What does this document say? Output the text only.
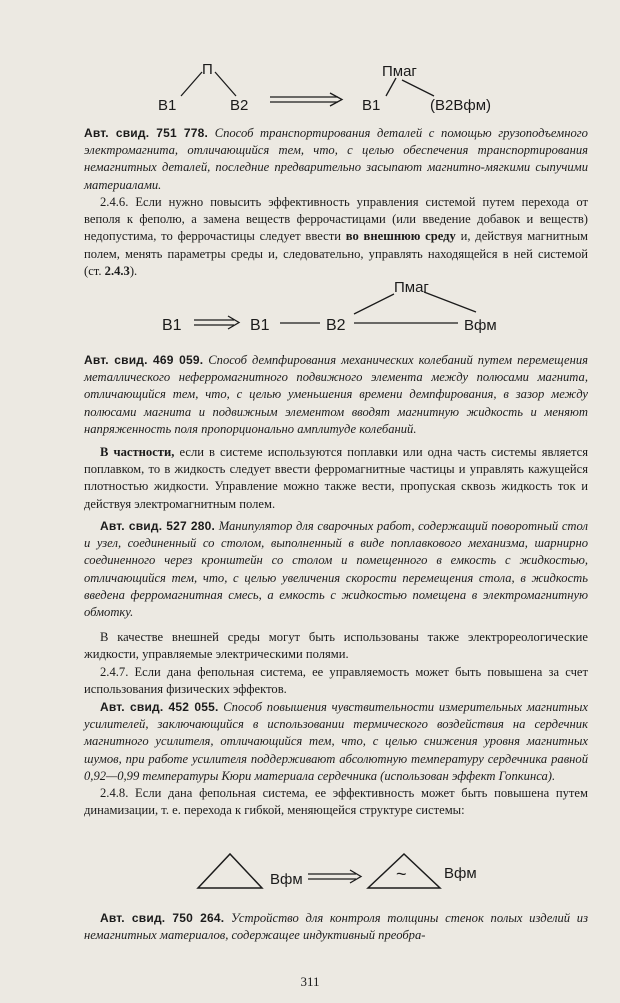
П
В1	В2
Пмаг
В1	(В2Вфм)

Авт. свид. 751 778. Способ транспортирования деталей с помощью грузоподъемного электромагнита, отличающийся тем, что, с целью обеспечения транспортирования немагнитных деталей, последние предварительно засыпают магнитно-мягкими сыпучими материалами.

2.4.6. Если нужно повысить эффективность управления системой путем перехода от веполя к феполю, а замена веществ феррочастицами (или введение добавок и веществ) недопустима, то феррочастицы следует ввести во внешнюю среду и, действуя магнитным полем, менять параметры среды и, следовательно, управлять находящейся в ней системой (ст. 2.4.3).

В1	В1	В2
Пмаг
Вфм

Авт. свид. 469 059. Способ демпфирования механических колебаний путем перемещения металлического неферромагнитного подвижного элемента между полюсами магнита, отличающийся тем, что, с целью уменьшения времени демпфирования, в зазор между полюсами магнита и подвижным элементом вводят магнитную жидкость и меняют напряженность поля пропорционально амплитуде колебаний.

В частности, если в системе используются поплавки или одна часть системы является поплавком, то в жидкость следует ввести ферромагнитные частицы и управлять кажущейся плотностью жидкости. Управление можно также вести, пропуская сквозь жидкость ток и действуя электромагнитным полем.

Авт. свид. 527 280. Манипулятор для сварочных работ, содержащий поворотный стол и узел, соединенный со столом, выполненный в виде поплавкового механизма, шарнирно соединенного через кронштейн со столом и помещенного в емкость с жидкостью, отличающийся тем, что, с целью увеличения скорости перемещения стола, в жидкость введена ферромагнитная смесь, а емкость с жидкостью помещена в электромагнитную обмотку.

В качестве внешней среды могут быть использованы также электрореологические жидкости, управляемые электрическими полями.

2.4.7. Если дана фепольная система, ее управляемость может быть повышена за счет использования физических эффектов.

Авт. свид. 452 055. Способ повышения чувствительности измерительных магнитных усилителей, заключающийся в использовании термического воздействия на сердечник магнитного усилителя, отличающийся тем, что, с целью снижения уровня магнитных шумов, при работе усилителя поддерживают абсолютную температуру сердечника равной 0,92—0,99 температуры Кюри материала сердечника (использован эффект Гопкинса).

2.4.8. Если дана фепольная система, ее эффективность может быть повышена путем динамизации, т. е. перехода к гибкой, меняющейся структуре системы:

Вфм	~ Вфм

Авт. свид. 750 264. Устройство для контроля толщины стенок полых изделий из немагнитных материалов, содержащее индуктивный преобра-

311
